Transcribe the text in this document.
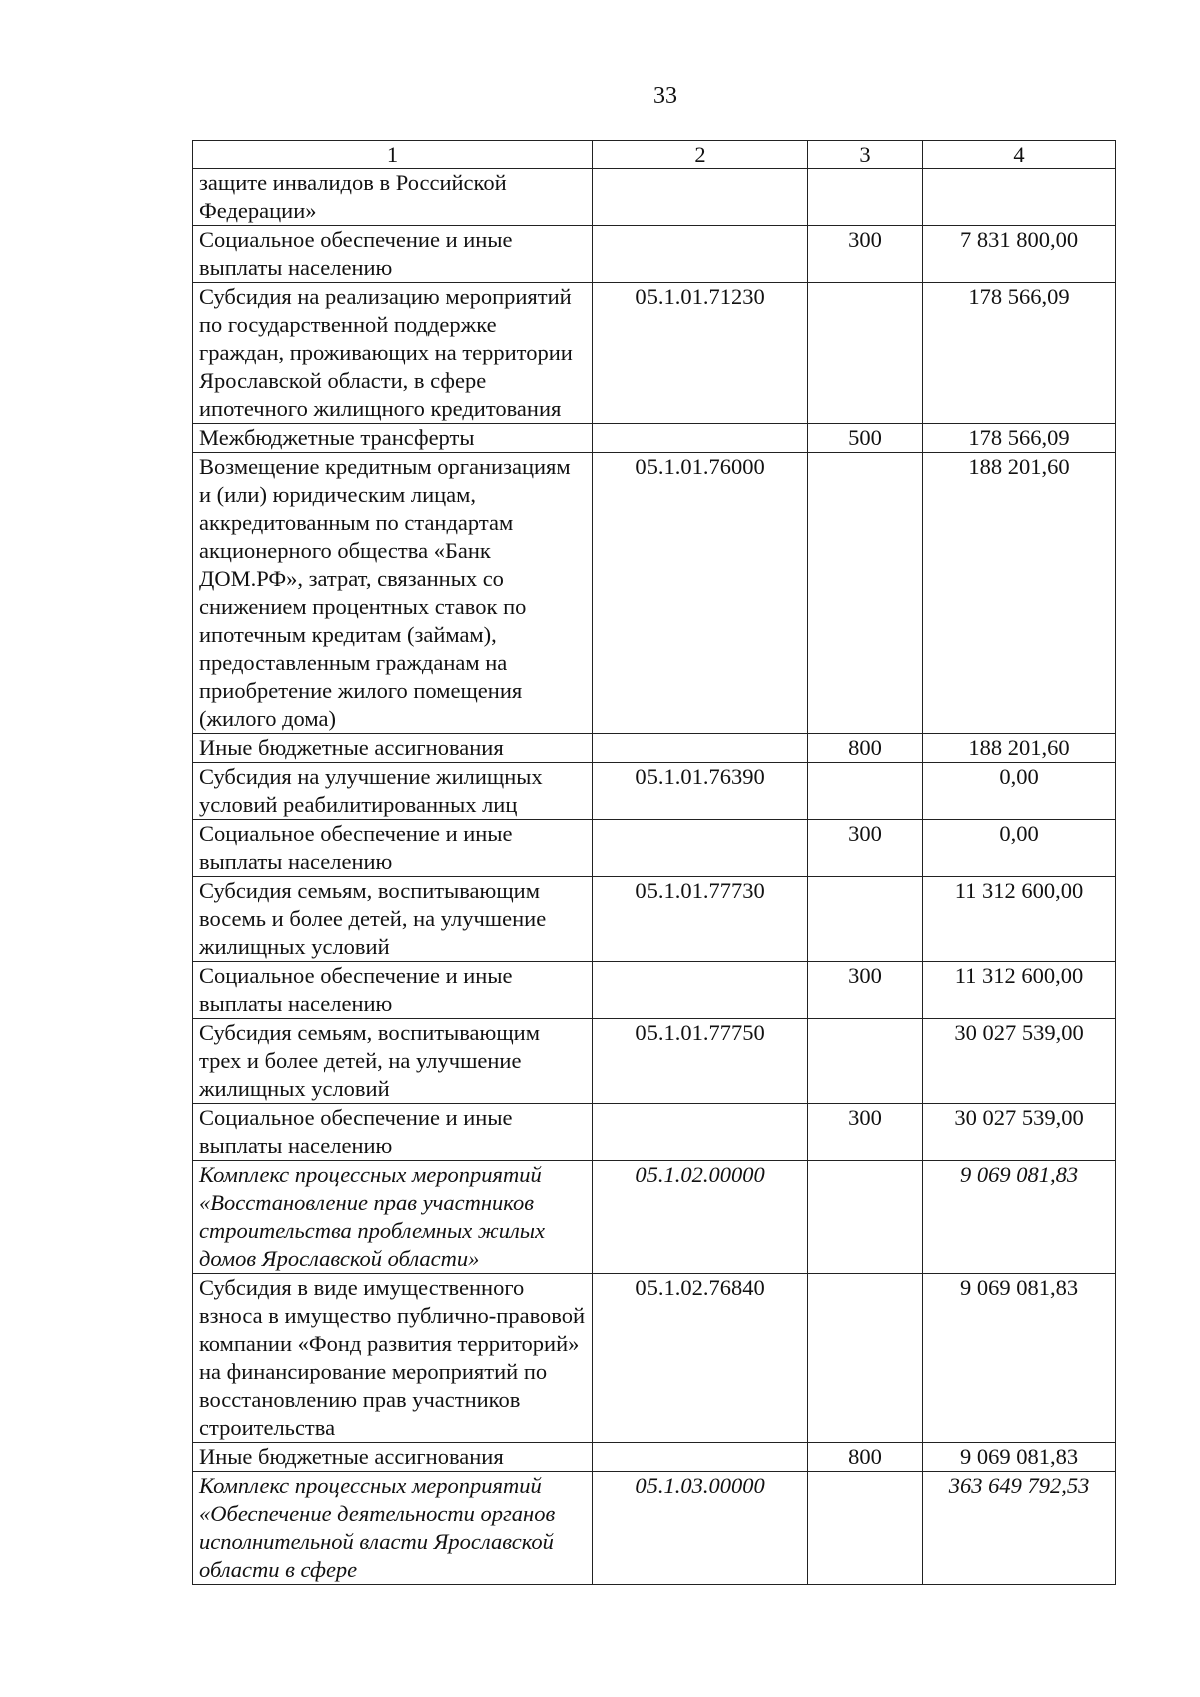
33
1	2	3	4
защите инвалидов в Российской Федерации»			
Социальное обеспечение и иные выплаты населению		300	7 831 800,00
Субсидия на реализацию мероприятий по государственной поддержке граждан, проживающих на территории Ярославской области, в сфере ипотечного жилищного кредитования	05.1.01.71230		178 566,09
Межбюджетные трансферты		500	178 566,09
Возмещение кредитным организациям и (или) юридическим лицам, аккредитованным по стандартам акционерного общества «Банк ДОМ.РФ», затрат, связанных со снижением процентных ставок по ипотечным кредитам (займам), предоставленным гражданам на приобретение жилого помещения (жилого дома)	05.1.01.76000		188 201,60
Иные бюджетные ассигнования		800	188 201,60
Субсидия на улучшение жилищных условий реабилитированных лиц	05.1.01.76390		0,00
Социальное обеспечение и иные выплаты населению		300	0,00
Субсидия семьям, воспитывающим восемь и более детей, на улучшение жилищных условий	05.1.01.77730		11 312 600,00
Социальное обеспечение и иные выплаты населению		300	11 312 600,00
Субсидия семьям, воспитывающим трех и более детей, на улучшение жилищных условий	05.1.01.77750		30 027 539,00
Социальное обеспечение и иные выплаты населению		300	30 027 539,00
Комплекс процессных мероприятий «Восстановление прав участников строительства проблемных жилых домов Ярославской области»	05.1.02.00000		9 069 081,83
Субсидия в виде имущественного взноса в имущество публично-правовой компании «Фонд развития территорий» на финансирование мероприятий по восстановлению прав участников строительства	05.1.02.76840		9 069 081,83
Иные бюджетные ассигнования		800	9 069 081,83
Комплекс процессных мероприятий «Обеспечение деятельности органов исполнительной власти Ярославской области в сфере	05.1.03.00000		363 649 792,53
